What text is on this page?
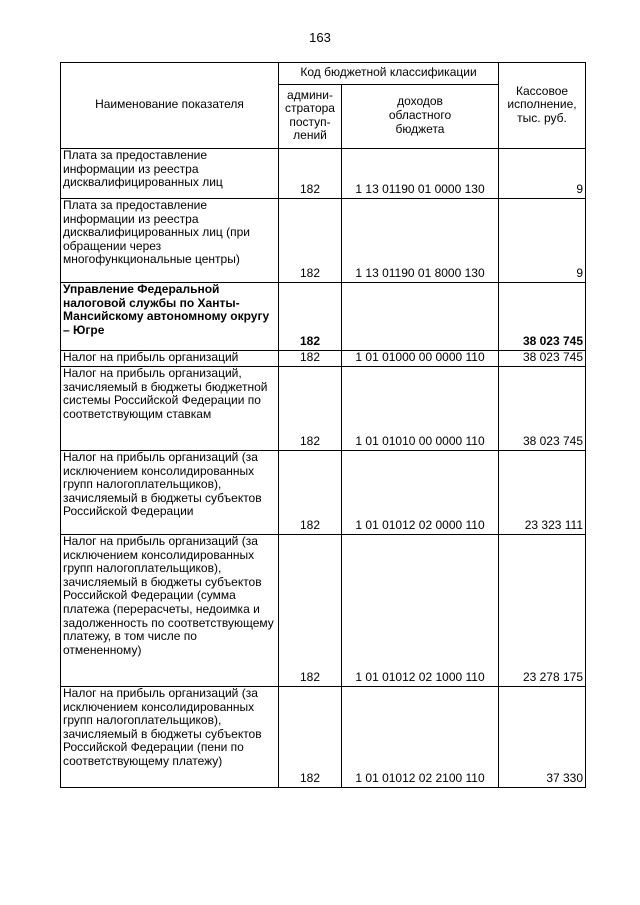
163
Наименование показателя	Код бюджетной классификации		Кассовое
исполнение,
тыс. руб.
	админи-
стратора
поступ-
лений	доходов
областного
бюджета	
Плата за предоставление информации из реестра дисквалифицированных лиц	182	1 13 01190 01 0000 130	9
Плата за предоставление информации из реестра дисквалифицированных лиц (при обращении через многофункциональные центры)	182	1 13 01190 01 8000 130	9
Управление Федеральной налоговой службы по Ханты-Мансийскому автономному округу – Югре	182		38 023 745
Налог на прибыль организаций	182	1 01 01000 00 0000 110	38 023 745
Налог на прибыль организаций, зачисляемый в бюджеты бюджетной системы Российской Федерации по соответствующим ставкам	182	1 01 01010 00 0000 110	38 023 745
Налог на прибыль организаций (за исключением консолидированных групп налогоплательщиков), зачисляемый в бюджеты субъектов Российской Федерации	182	1 01 01012 02 0000 110	23 323 111
Налог на прибыль организаций (за исключением консолидированных групп налогоплательщиков), зачисляемый в бюджеты субъектов Российской Федерации (сумма платежа (перерасчеты, недоимка и задолженность по соответствующему платежу, в том числе по отмененному)	182	1 01 01012 02 1000 110	23 278 175
Налог на прибыль организаций (за исключением консолидированных групп налогоплательщиков), зачисляемый в бюджеты субъектов Российской Федерации (пени по соответствующему платежу)	182	1 01 01012 02 2100 110	37 330
